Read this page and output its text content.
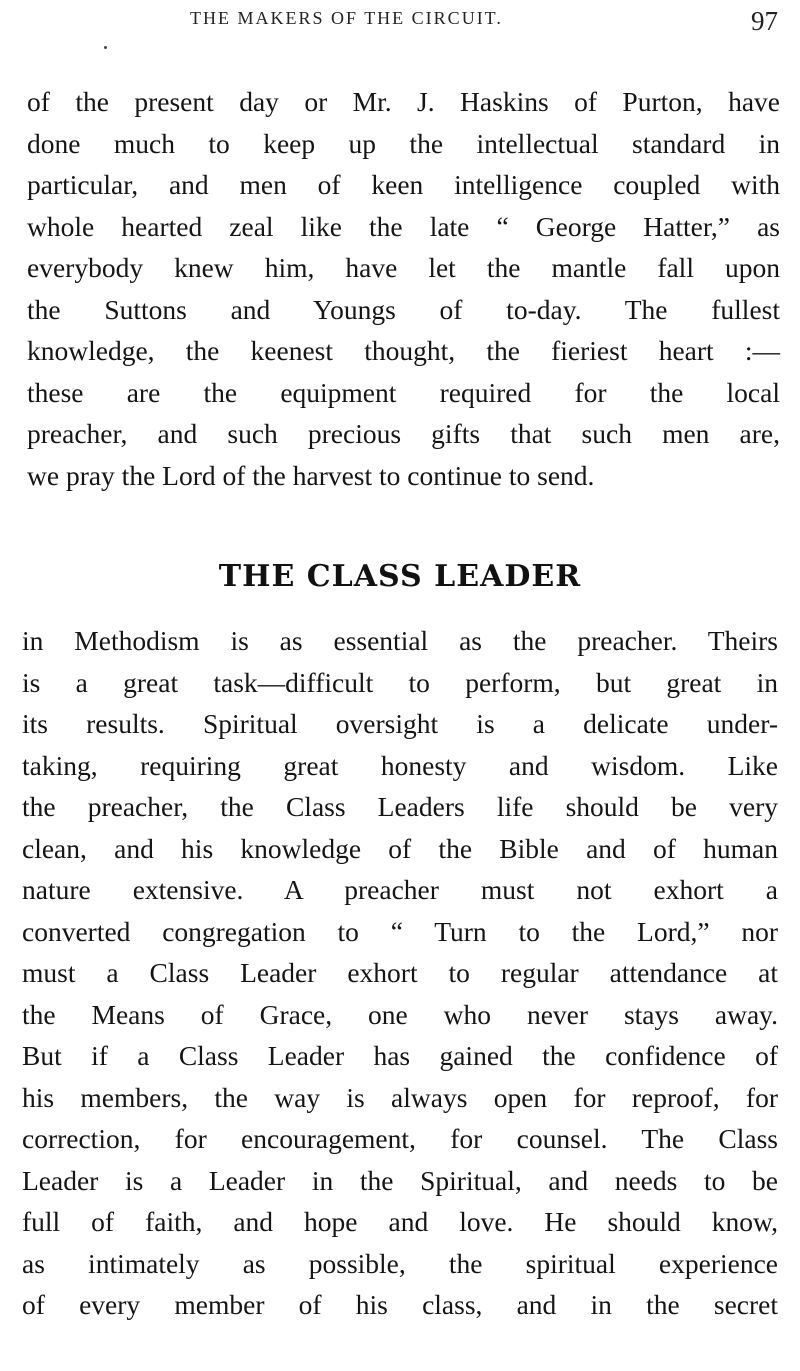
THE MAKERS OF THE CIRCUIT.	97
of the present day or Mr. J. Haskins of Purton, have
done much to keep up the intellectual standard in
particular, and men of keen intelligence coupled with
whole hearted zeal like the late “ George Hatter,” as
everybody knew him, have let the mantle fall upon
the Suttons and Youngs of to-day. The fullest
knowledge, the keenest thought, the fieriest heart :—
these are the equipment required for the local
preacher, and such precious gifts that such men are,
we pray the Lord of the harvest to continue to send.
THE CLASS LEADER
in Methodism is as essential as the preacher. Theirs
is a great task—difficult to perform, but great in
its results. Spiritual oversight is a delicate under-
taking, requiring great honesty and wisdom. Like
the preacher, the Class Leaders life should be very
clean, and his knowledge of the Bible and of human
nature extensive. A preacher must not exhort a
converted congregation to “ Turn to the Lord,” nor
must a Class Leader exhort to regular attendance at
the Means of Grace, one who never stays away.
But if a Class Leader has gained the confidence of
his members, the way is always open for reproof, for
correction, for encouragement, for counsel. The Class
Leader is a Leader in the Spiritual, and needs to be
full of faith, and hope and love. He should know,
as intimately as possible, the spiritual experience
of every member of his class, and in the secret
